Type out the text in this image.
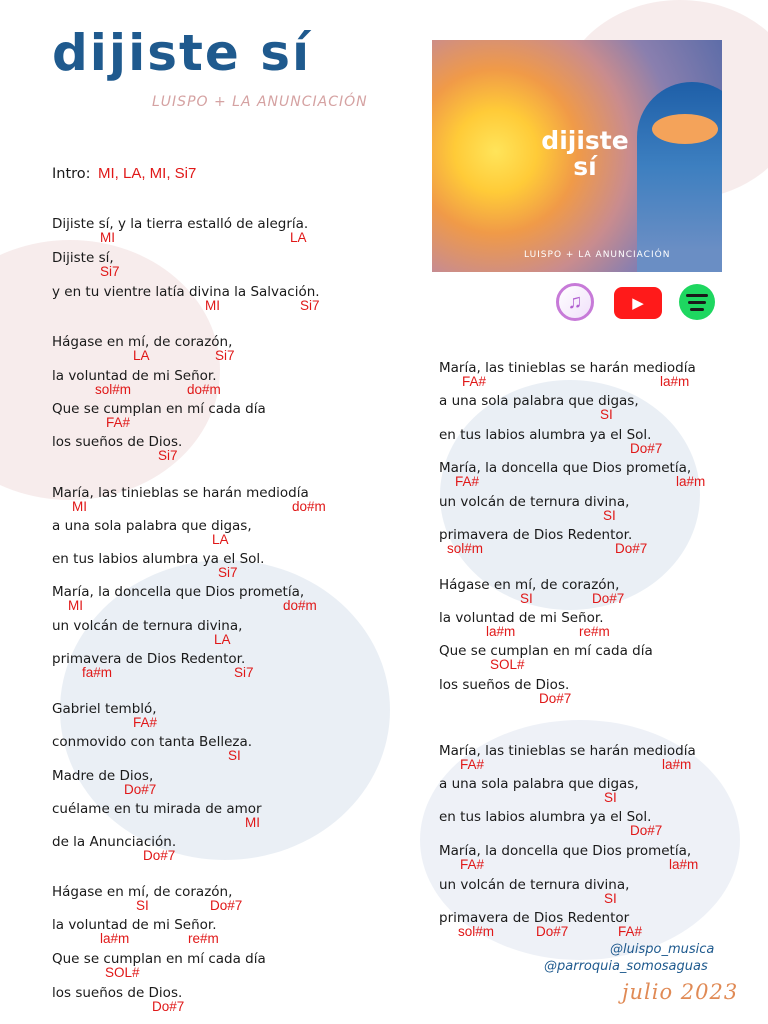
dijiste sí
LUISPO + LA ANUNCIACIÓN
dijiste
sí
LUISPO + LA ANUNCIACIÓN
♫	▶
Intro: MI, LA, MI, Si7
Dijiste sí, y la tierra estalló de alegría.
MI	LA
Dijiste sí,
Si7
y en tu vientre latía divina la Salvación.
MI	Si7
Hágase en mí, de corazón,
LA	Si7
la voluntad de mi Señor.
sol#m	do#m
Que se cumplan en mí cada día
FA#
los sueños de Dios.
Si7
María, las tinieblas se harán mediodía
MI	do#m
a una sola palabra que digas,
LA
en tus labios alumbra ya el Sol.
Si7
María, la doncella que Dios prometía,
MI	do#m
un volcán de ternura divina,
LA
primavera de Dios Redentor.
fa#m	Si7
Gabriel tembló,
FA#
conmovido con tanta Belleza.
SI
Madre de Dios,
Do#7
cuélame en tu mirada de amor
MI
de la Anunciación.
Do#7
Hágase en mí, de corazón,
SI	Do#7
la voluntad de mi Señor.
la#m	re#m
Que se cumplan en mí cada día
SOL#
los sueños de Dios.
Do#7
María, las tinieblas se harán mediodía
FA#	la#m
a una sola palabra que digas,
SI
en tus labios alumbra ya el Sol.
Do#7
María, la doncella que Dios prometía,
FA#	la#m
un volcán de ternura divina,
SI
primavera de Dios Redentor.
sol#m	Do#7
Hágase en mí, de corazón,
SI	Do#7
la voluntad de mi Señor.
la#m	re#m
Que se cumplan en mí cada día
SOL#
los sueños de Dios.
Do#7
María, las tinieblas se harán mediodía
FA#	la#m
a una sola palabra que digas,
SI
en tus labios alumbra ya el Sol.
Do#7
María, la doncella que Dios prometía,
FA#	la#m
un volcán de ternura divina,
SI
primavera de Dios Redentor
sol#m	Do#7	FA#
@luispo_musica
@parroquia_somosaguas
julio 2023
